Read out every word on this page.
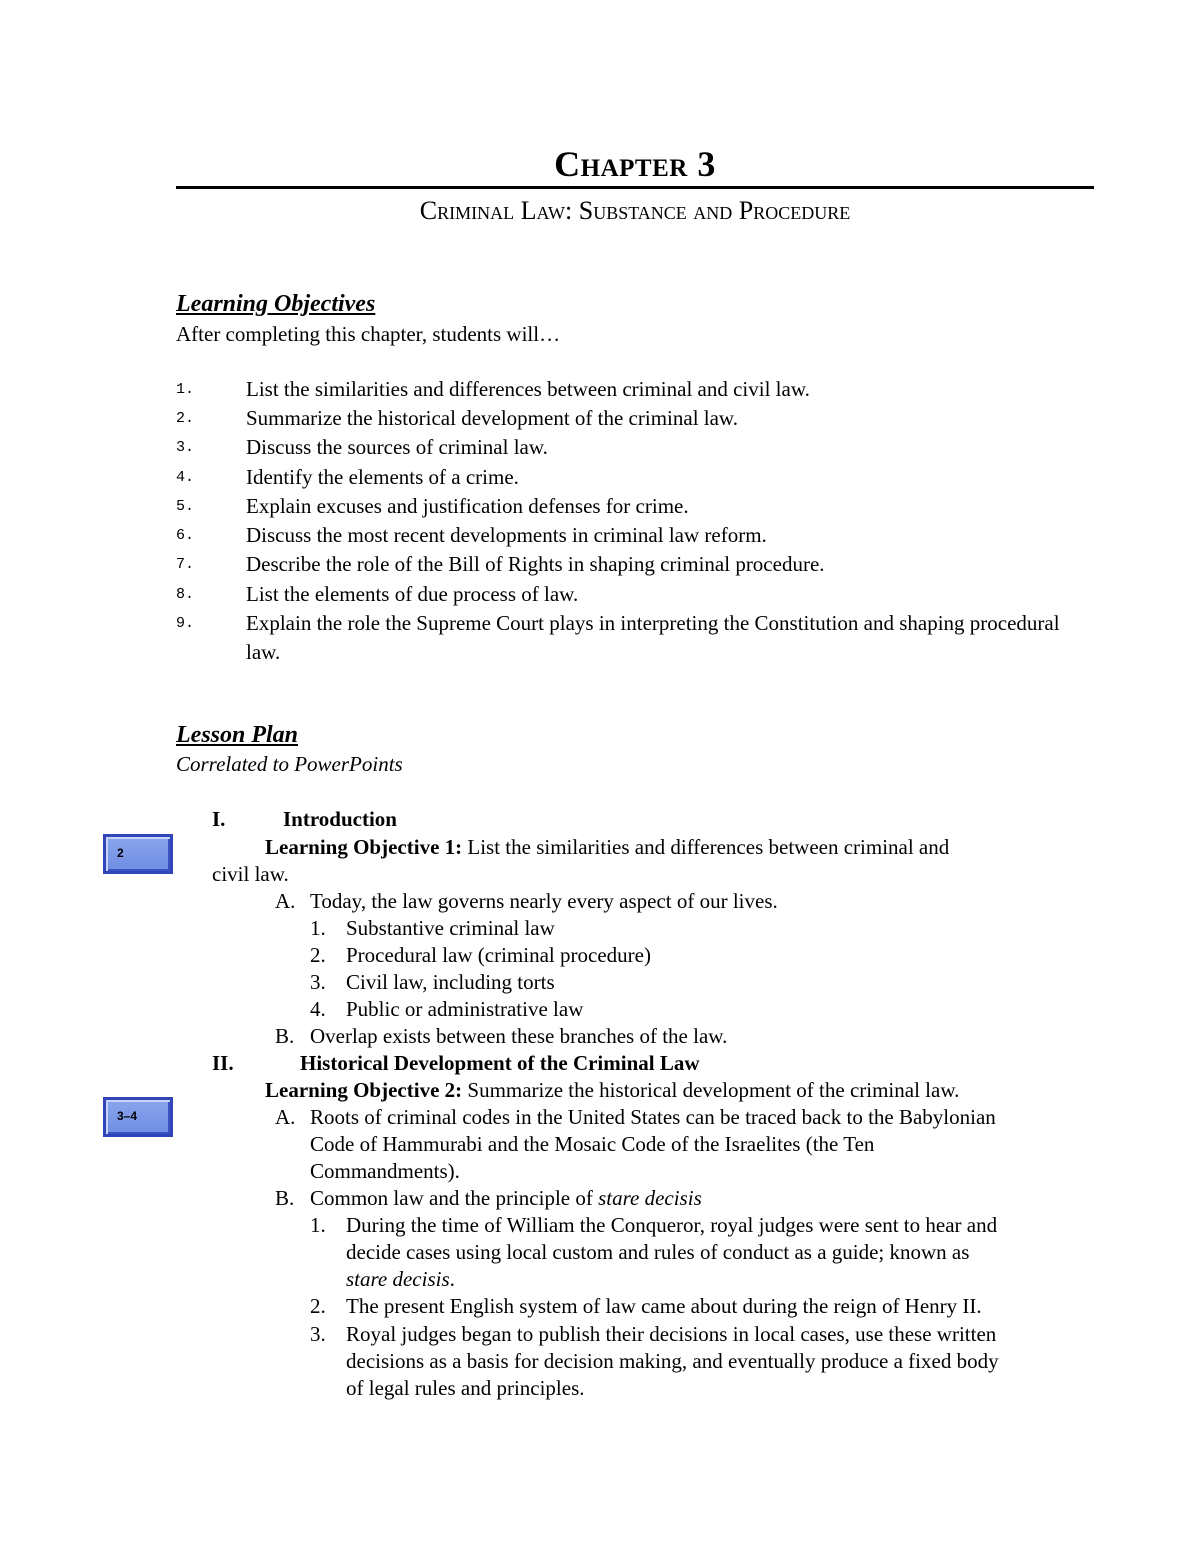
Chapter 3
Criminal Law: Substance and Procedure
Learning Objectives
After completing this chapter, students will…
1. List the similarities and differences between criminal and civil law.
2. Summarize the historical development of the criminal law.
3. Discuss the sources of criminal law.
4. Identify the elements of a crime.
5. Explain excuses and justification defenses for crime.
6. Discuss the most recent developments in criminal law reform.
7. Describe the role of the Bill of Rights in shaping criminal procedure.
8. List the elements of due process of law.
9. Explain the role the Supreme Court plays in interpreting the Constitution and shaping procedural law.
Lesson Plan
Correlated to PowerPoints
2
3–4
I.	Introduction
Learning Objective 1: List the similarities and differences between criminal and
civil law.
A. Today, the law governs nearly every aspect of our lives.
1. Substantive criminal law
2. Procedural law (criminal procedure)
3. Civil law, including torts
4. Public or administrative law
B. Overlap exists between these branches of the law.
II.	Historical Development of the Criminal Law
Learning Objective 2: Summarize the historical development of the criminal law.
A. Roots of criminal codes in the United States can be traced back to the Babylonian
Code of Hammurabi and the Mosaic Code of the Israelites (the Ten
Commandments).
B. Common law and the principle of stare decisis
1. During the time of William the Conqueror, royal judges were sent to hear and
decide cases using local custom and rules of conduct as a guide; known as
stare decisis.
2. The present English system of law came about during the reign of Henry II.
3. Royal judges began to publish their decisions in local cases, use these written
decisions as a basis for decision making, and eventually produce a fixed body
of legal rules and principles.
